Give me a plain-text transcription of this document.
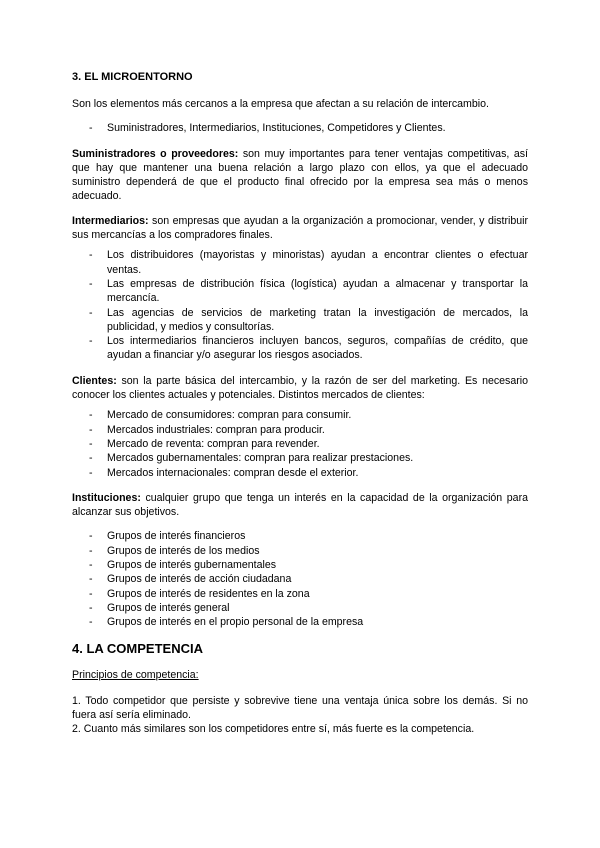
3. EL MICROENTORNO

Son los elementos más cercanos a la empresa que afectan a su relación de intercambio.

- Suministradores, Intermediarios, Instituciones, Competidores y Clientes.

Suministradores o proveedores: son muy importantes para tener ventajas competitivas, así que hay que mantener una buena relación a largo plazo con ellos, ya que el adecuado suministro dependerá de que el producto final ofrecido por la empresa sea más o menos adecuado.

Intermediarios: son empresas que ayudan a la organización a promocionar, vender, y distribuir sus mercancías a los compradores finales.

- Los distribuidores (mayoristas y minoristas) ayudan a encontrar clientes o efectuar ventas.
- Las empresas de distribución física (logística) ayudan a almacenar y transportar la mercancía.
- Las agencias de servicios de marketing tratan la investigación de mercados, la publicidad, y medios y consultorías.
- Los intermediarios financieros incluyen bancos, seguros, compañías de crédito, que ayudan a financiar y/o asegurar los riesgos asociados.

Clientes: son la parte básica del intercambio, y la razón de ser del marketing. Es necesario conocer los clientes actuales y potenciales. Distintos mercados de clientes:

- Mercado de consumidores: compran para consumir.
- Mercados industriales: compran para producir.
- Mercado de reventa: compran para revender.
- Mercados gubernamentales: compran para realizar prestaciones.
- Mercados internacionales: compran desde el exterior.

Instituciones: cualquier grupo que tenga un interés en la capacidad de la organización para alcanzar sus objetivos.

- Grupos de interés financieros
- Grupos de interés de los medios
- Grupos de interés gubernamentales
- Grupos de interés de acción ciudadana
- Grupos de interés de residentes en la zona
- Grupos de interés general
- Grupos de interés en el propio personal de la empresa
4. LA COMPETENCIA

Principios de competencia:

1. Todo competidor que persiste y sobrevive tiene una ventaja única sobre los demás. Si no fuera así sería eliminado.

2. Cuanto más similares son los competidores entre sí, más fuerte es la competencia.
